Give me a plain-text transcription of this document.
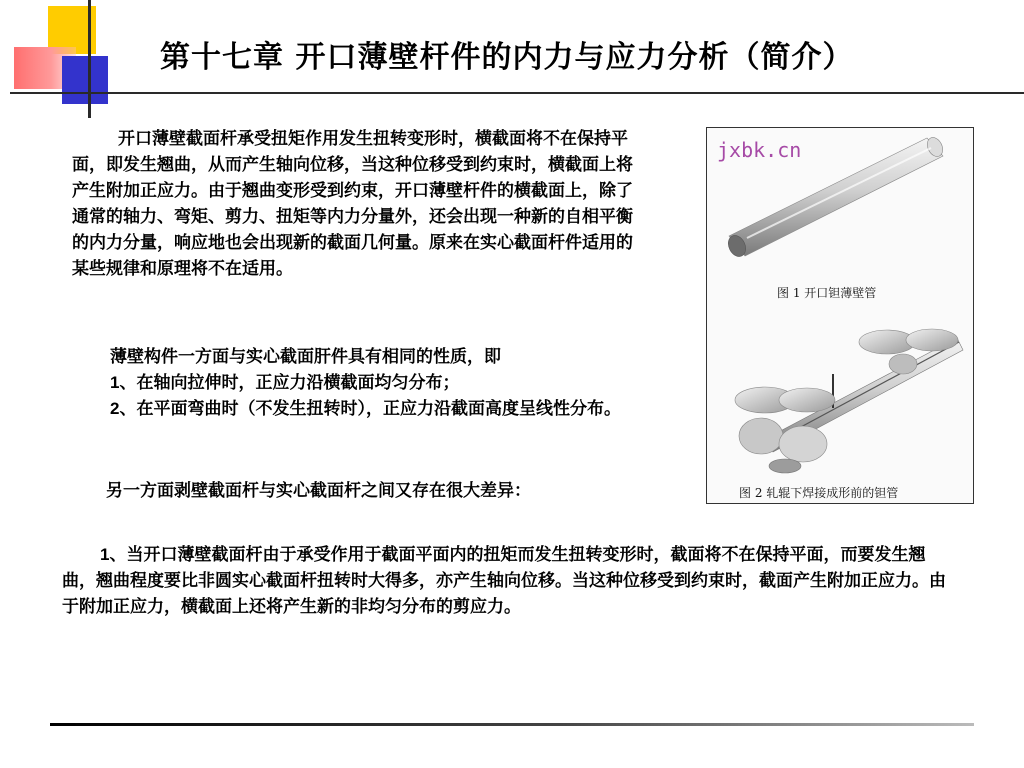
第十七章 开口薄壁杆件的内力与应力分析（简介）

开口薄壁截面杆承受扭矩作用发生扭转变形时，横截面将不在保持平面，即发生翘曲，从而产生轴向位移，当这种位移受到约束时，横截面上将产生附加正应力。由于翘曲变形受到约束，开口薄壁杆件的横截面上，除了通常的轴力、弯矩、剪力、扭矩等内力分量外，还会出现一种新的自相平衡的内力分量，响应地也会出现新的截面几何量。原来在实心截面杆件适用的某些规律和原理将不在适用。

薄壁构件一方面与实心截面肝件具有相同的性质，即
1、在轴向拉伸时，正应力沿横截面均匀分布；
2、在平面弯曲时（不发生扭转时），正应力沿截面高度呈线性分布。

另一方面剥壁截面杆与实心截面杆之间又存在很大差异：

1、当开口薄壁截面杆由于承受作用于截面平面内的扭矩而发生扭转变形时，截面将不在保持平面，而要发生翘曲，翘曲程度要比非圆实心截面杆扭转时大得多，亦产生轴向位移。当这种位移受到约束时，截面产生附加正应力。由于附加正应力，横截面上还将产生新的非均匀分布的剪应力。

jxbk.cn
图 1 开口钽薄壁管
图 2 轧辊下焊接成形前的钽管
